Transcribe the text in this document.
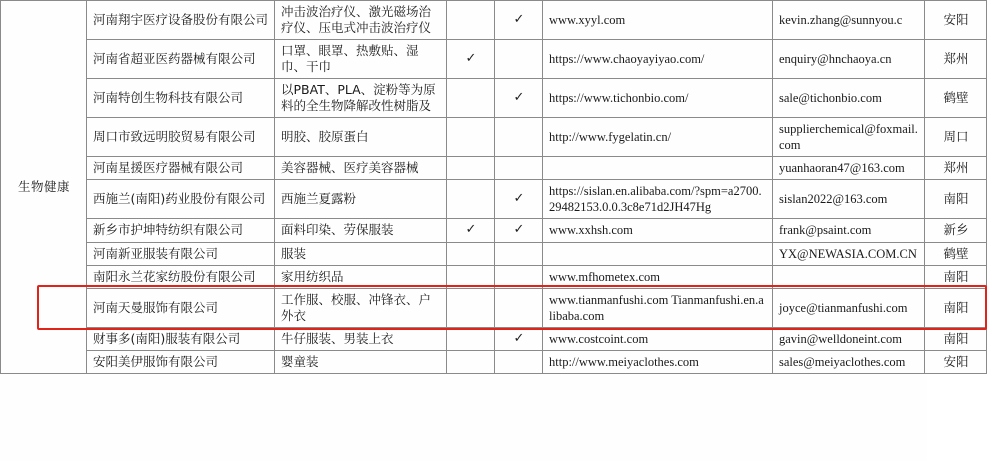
生物健康	河南翔宇医疗设备股份有限公司	冲击波治疗仪、激光磁场治疗仪、压电式冲击波治疗仪		✓	www.xyyl.com	kevin.zhang@sunnyou.c	安阳
	河南省超亚医药器械有限公司	口罩、眼罩、热敷贴、湿巾、干巾	✓		https://www.chaoyayiyao.com/	enquiry@hnchaoya.cn	郑州
	河南特创生物科技有限公司	以PBAT、PLA、淀粉等为原料的全生物降解改性树脂及		✓	https://www.tichonbio.com/	sale@tichonbio.com	鹤壁
	周口市致远明胶贸易有限公司	明胶、胶原蛋白			http://www.fygelatin.cn/	supplierchemical@foxmail.com	周口
	河南星援医疗器械有限公司	美容器械、医疗美容器械				yuanhaoran47@163.com	郑州
	西施兰(南阳)药业股份有限公司	西施兰夏露粉		✓	https://sislan.en.alibaba.com/?spm=a2700.29482153.0.0.3c8e71d2JH47Hg	sislan2022@163.com	南阳
	新乡市护坤特纺织有限公司	面料印染、劳保服装	✓	✓	www.xxhsh.com	frank@psaint.com	新乡
	河南新亚服装有限公司	服装				YX@NEWASIA.COM.CN	鹤壁
	南阳永兰花家纺股份有限公司	家用纺织品			www.mfhometex.com		南阳
	河南天曼服饰有限公司	工作服、校服、冲锋衣、户外衣			www.tianmanfushi.com Tianmanfushi.en.alibaba.com	joyce@tianmanfushi.com	南阳
	财事多(南阳)服装有限公司	牛仔服装、男装上衣		✓	www.costcoint.com	gavin@welldoneint.com	南阳
	安阳美伊服饰有限公司	婴童装			http://www.meiyaclothes.com	sales@meiyaclothes.com	安阳
